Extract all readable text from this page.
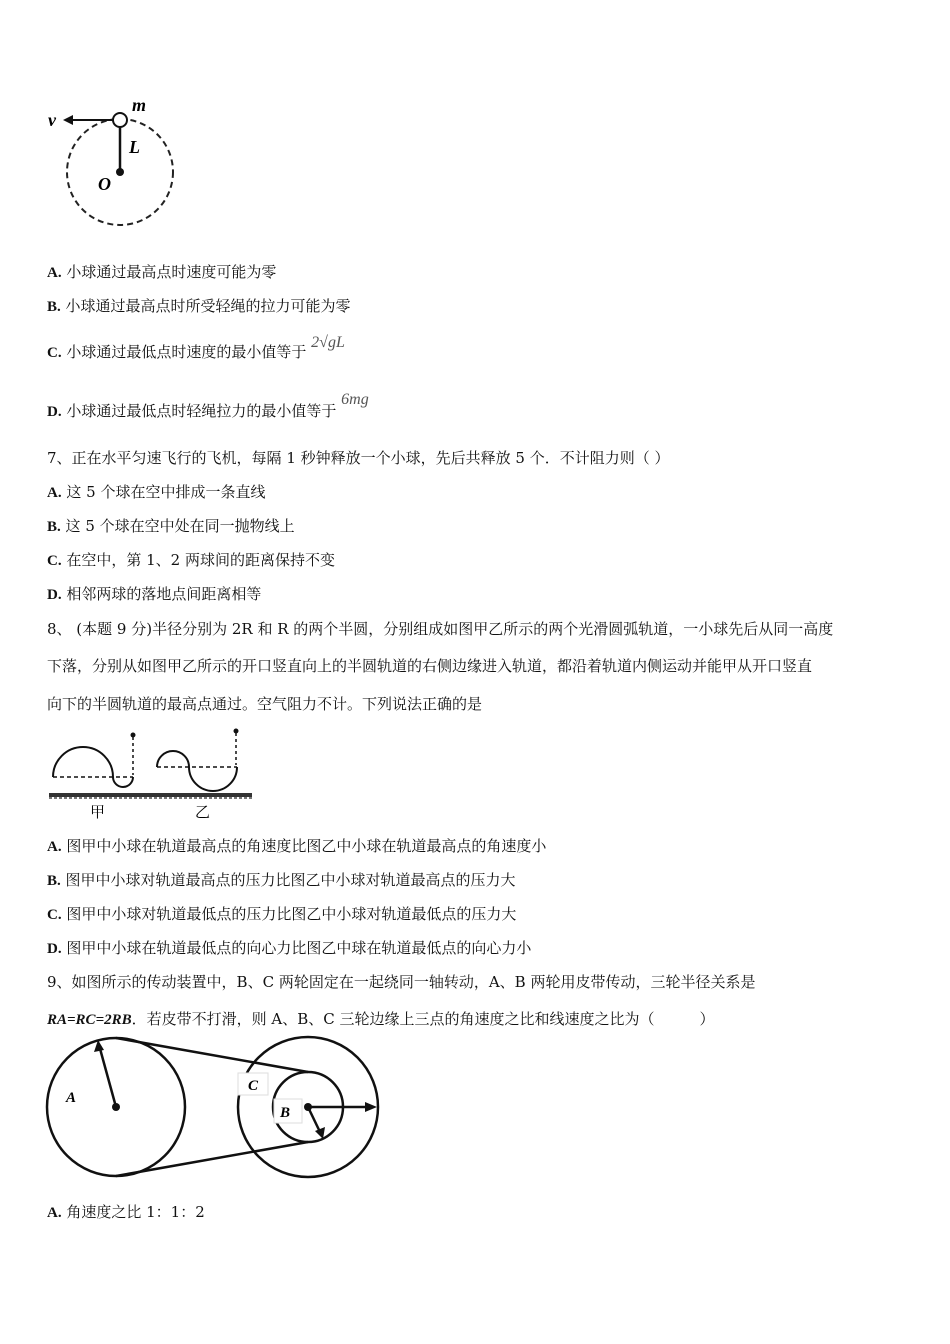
v
m
L
O
A. 小球通过最高点时速度可能为零
B. 小球通过最高点时所受轻绳的拉力可能为零
C. 小球通过最低点时速度的最小值等于 2√gL
D. 小球通过最低点时轻绳拉力的最小值等于 6mg
7、正在水平匀速飞行的飞机，每隔 1 秒钟释放一个小球，先后共释放 5 个．不计阻力则（ ）
A. 这 5 个球在空中排成一条直线
B. 这 5 个球在空中处在同一抛物线上
C. 在空中，第 1、2 两球间的距离保持不变
D. 相邻两球的落地点间距离相等
8、 (本题 9 分)半径分别为 2R 和 R 的两个半圆，分别组成如图甲乙所示的两个光滑圆弧轨道，一小球先后从同一高度
下落，分别从如图甲乙所示的开口竖直向上的半圆轨道的右侧边缘进入轨道，都沿着轨道内侧运动并能甲从开口竖直
向下的半圆轨道的最高点通过。空气阻力不计。下列说法正确的是
甲	乙
A. 图甲中小球在轨道最高点的角速度比图乙中小球在轨道最高点的角速度小
B. 图甲中小球对轨道最高点的压力比图乙中小球对轨道最高点的压力大
C. 图甲中小球对轨道最低点的压力比图乙中小球对轨道最低点的压力大
D. 图甲中小球在轨道最低点的向心力比图乙中球在轨道最低点的向心力小
9、如图所示的传动装置中，B、C 两轮固定在一起绕同一轴转动，A、B 两轮用皮带传动，三轮半径关系是
RA=RC=2RB．若皮带不打滑，则 A、B、C 三轮边缘上三点的角速度之比和线速度之比为（　　　）
A
C
B
A. 角速度之比 1：1：2
